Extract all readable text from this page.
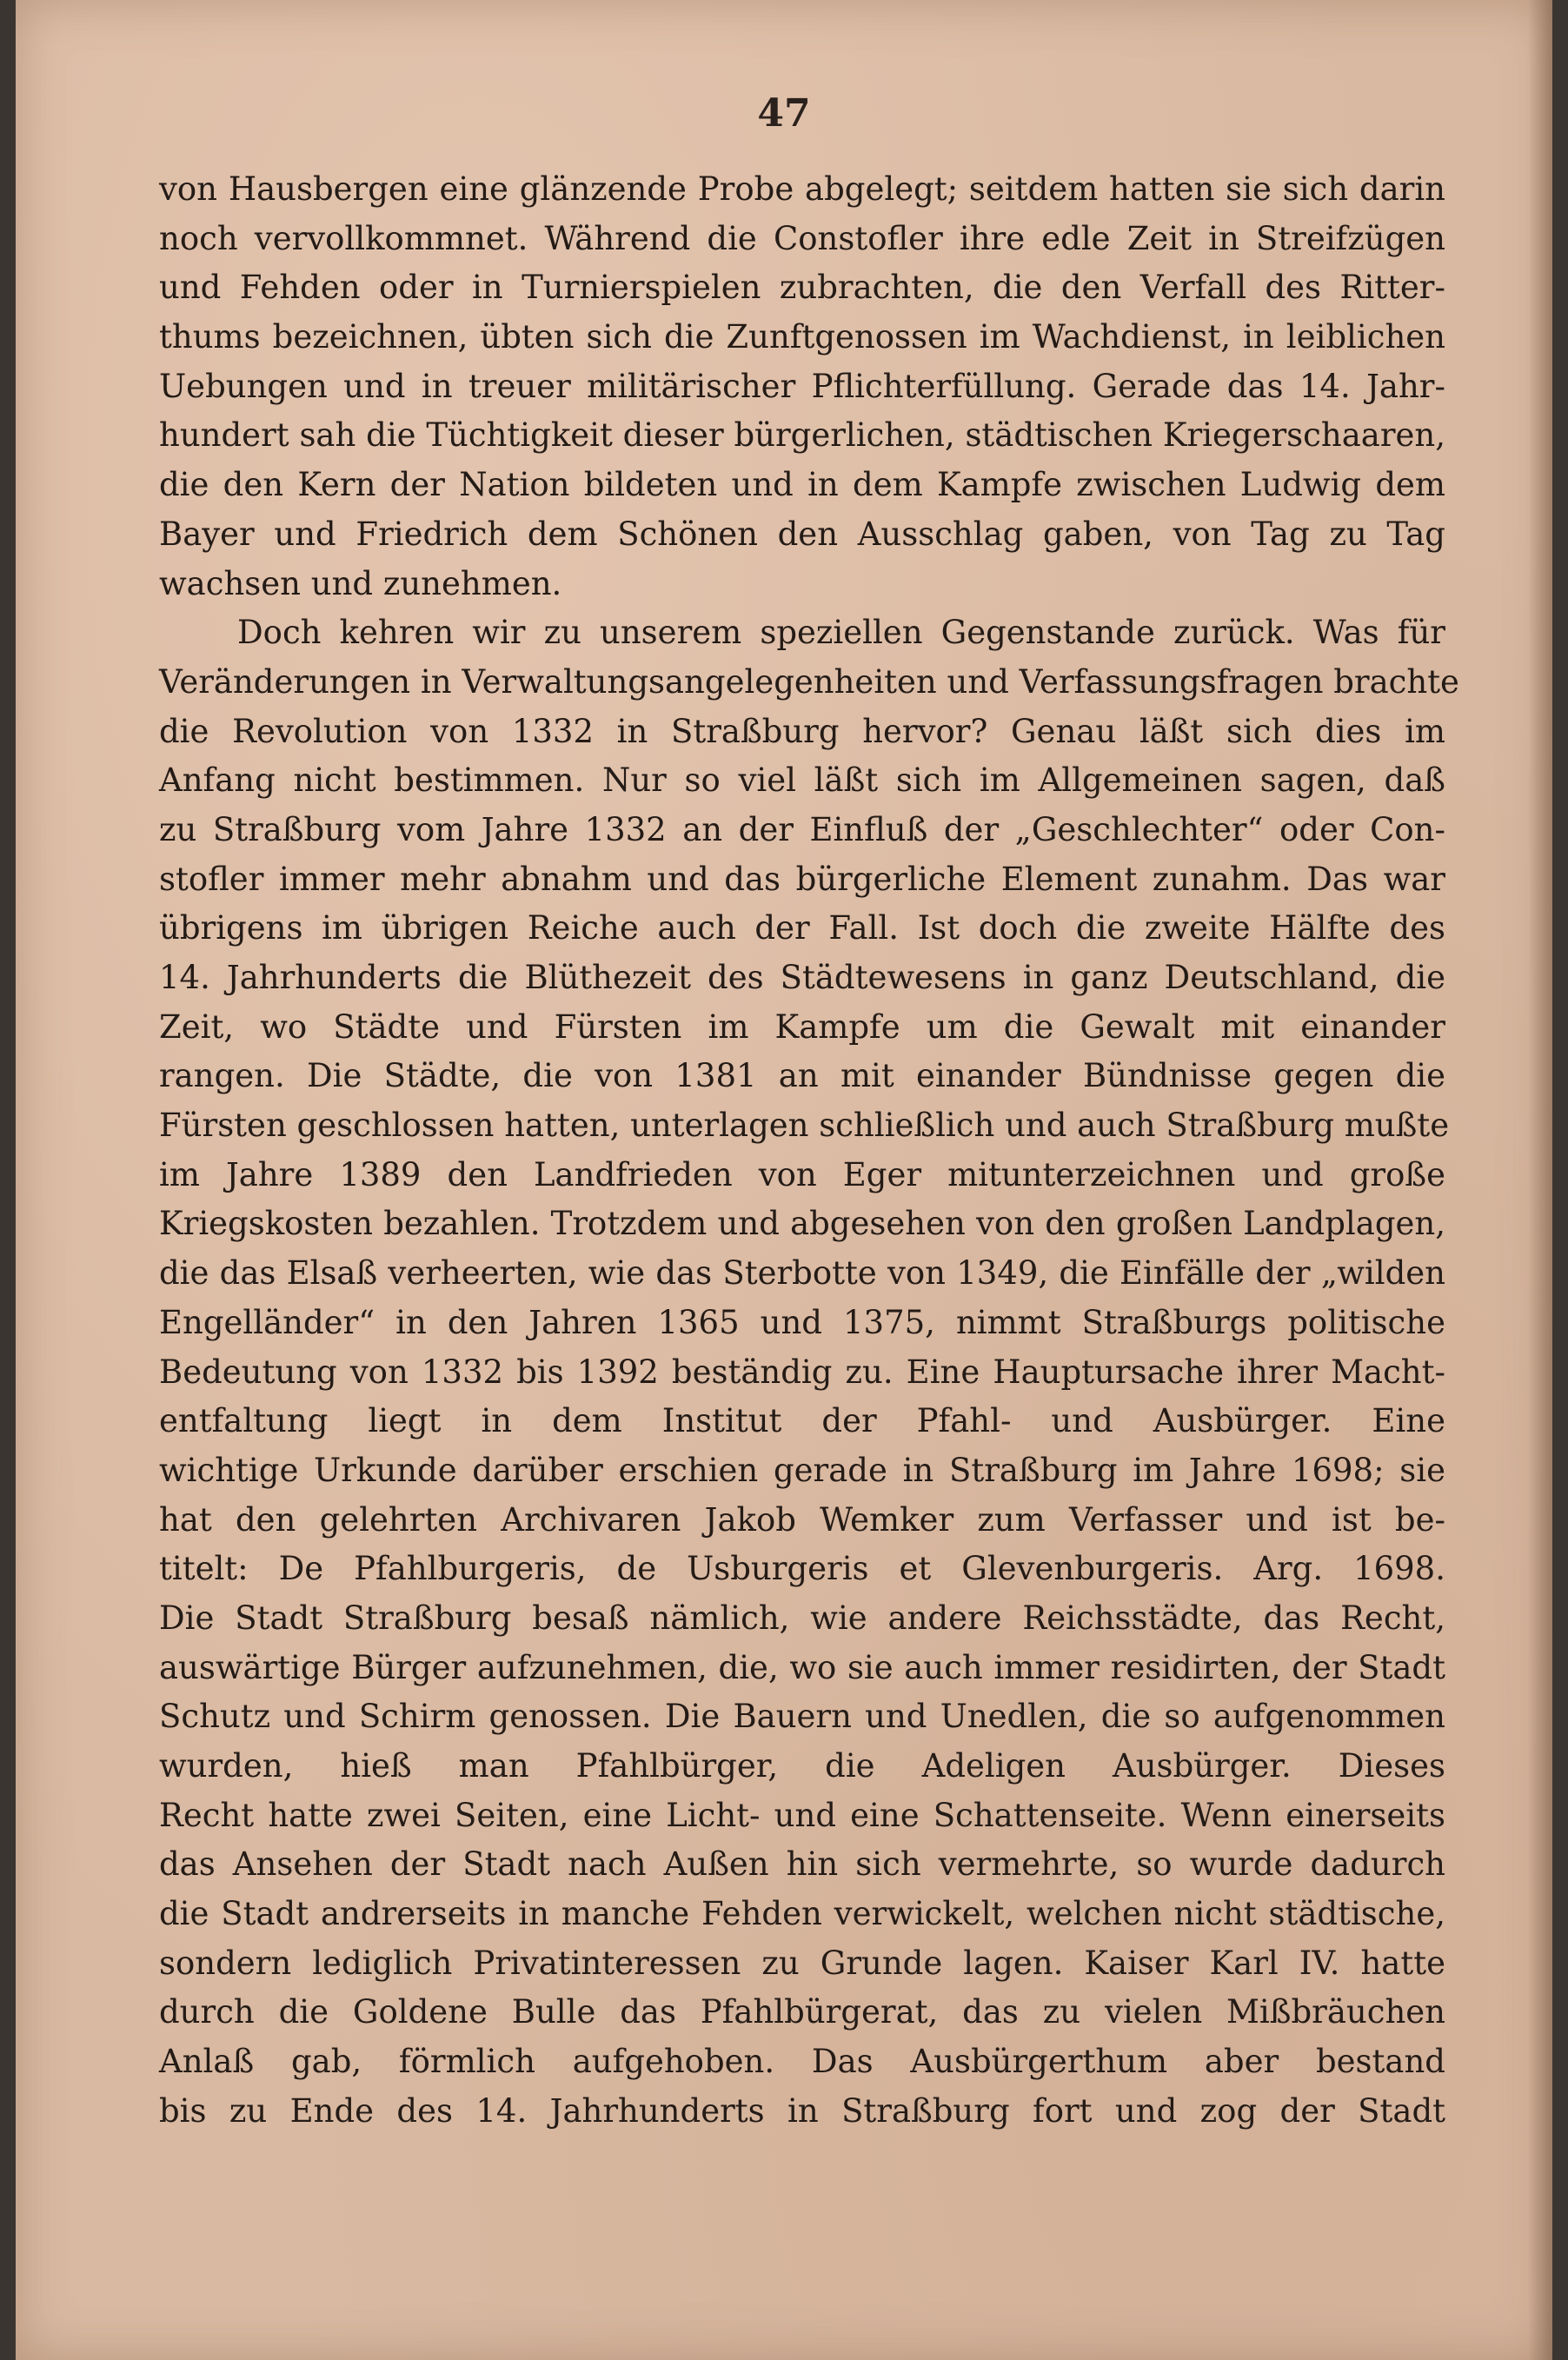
47
von Hausbergen eine glänzende Probe abgelegt; seitdem hatten sie sich darin
noch vervollkommnet. Während die Constofler ihre edle Zeit in Streifzügen
und Fehden oder in Turnierspielen zubrachten, die den Verfall des Ritter-
thums bezeichnen, übten sich die Zunftgenossen im Wachdienst, in leiblichen
Uebungen und in treuer militärischer Pflichterfüllung. Gerade das 14. Jahr-
hundert sah die Tüchtigkeit dieser bürgerlichen, städtischen Kriegerschaaren,
die den Kern der Nation bildeten und in dem Kampfe zwischen Ludwig dem
Bayer und Friedrich dem Schönen den Ausschlag gaben, von Tag zu Tag
wachsen und zunehmen.
Doch kehren wir zu unserem speziellen Gegenstande zurück. Was für
Veränderungen in Verwaltungsangelegenheiten und Verfassungsfragen brachte
die Revolution von 1332 in Straßburg hervor? Genau läßt sich dies im
Anfang nicht bestimmen. Nur so viel läßt sich im Allgemeinen sagen, daß
zu Straßburg vom Jahre 1332 an der Einfluß der „Geschlechter“ oder Con-
stofler immer mehr abnahm und das bürgerliche Element zunahm. Das war
übrigens im übrigen Reiche auch der Fall. Ist doch die zweite Hälfte des
14. Jahrhunderts die Blüthezeit des Städtewesens in ganz Deutschland, die
Zeit, wo Städte und Fürsten im Kampfe um die Gewalt mit einander
rangen. Die Städte, die von 1381 an mit einander Bündnisse gegen die
Fürsten geschlossen hatten, unterlagen schließlich und auch Straßburg mußte
im Jahre 1389 den Landfrieden von Eger mitunterzeichnen und große
Kriegskosten bezahlen. Trotzdem und abgesehen von den großen Landplagen,
die das Elsaß verheerten, wie das Sterbotte von 1349, die Einfälle der „wilden
Engelländer“ in den Jahren 1365 und 1375, nimmt Straßburgs politische
Bedeutung von 1332 bis 1392 beständig zu. Eine Hauptursache ihrer Macht-
entfaltung liegt in dem Institut der Pfahl- und Ausbürger. Eine
wichtige Urkunde darüber erschien gerade in Straßburg im Jahre 1698; sie
hat den gelehrten Archivaren Jakob Wemker zum Verfasser und ist be-
titelt: De Pfahlburgeris, de Usburgeris et Glevenburgeris. Arg. 1698.
Die Stadt Straßburg besaß nämlich, wie andere Reichsstädte, das Recht,
auswärtige Bürger aufzunehmen, die, wo sie auch immer residirten, der Stadt
Schutz und Schirm genossen. Die Bauern und Unedlen, die so aufgenommen
wurden, hieß man Pfahlbürger, die Adeligen Ausbürger. Dieses
Recht hatte zwei Seiten, eine Licht- und eine Schattenseite. Wenn einerseits
das Ansehen der Stadt nach Außen hin sich vermehrte, so wurde dadurch
die Stadt andrerseits in manche Fehden verwickelt, welchen nicht städtische,
sondern lediglich Privatinteressen zu Grunde lagen. Kaiser Karl IV. hatte
durch die Goldene Bulle das Pfahlbürgerat, das zu vielen Mißbräuchen
Anlaß gab, förmlich aufgehoben. Das Ausbürgerthum aber bestand
bis zu Ende des 14. Jahrhunderts in Straßburg fort und zog der Stadt
